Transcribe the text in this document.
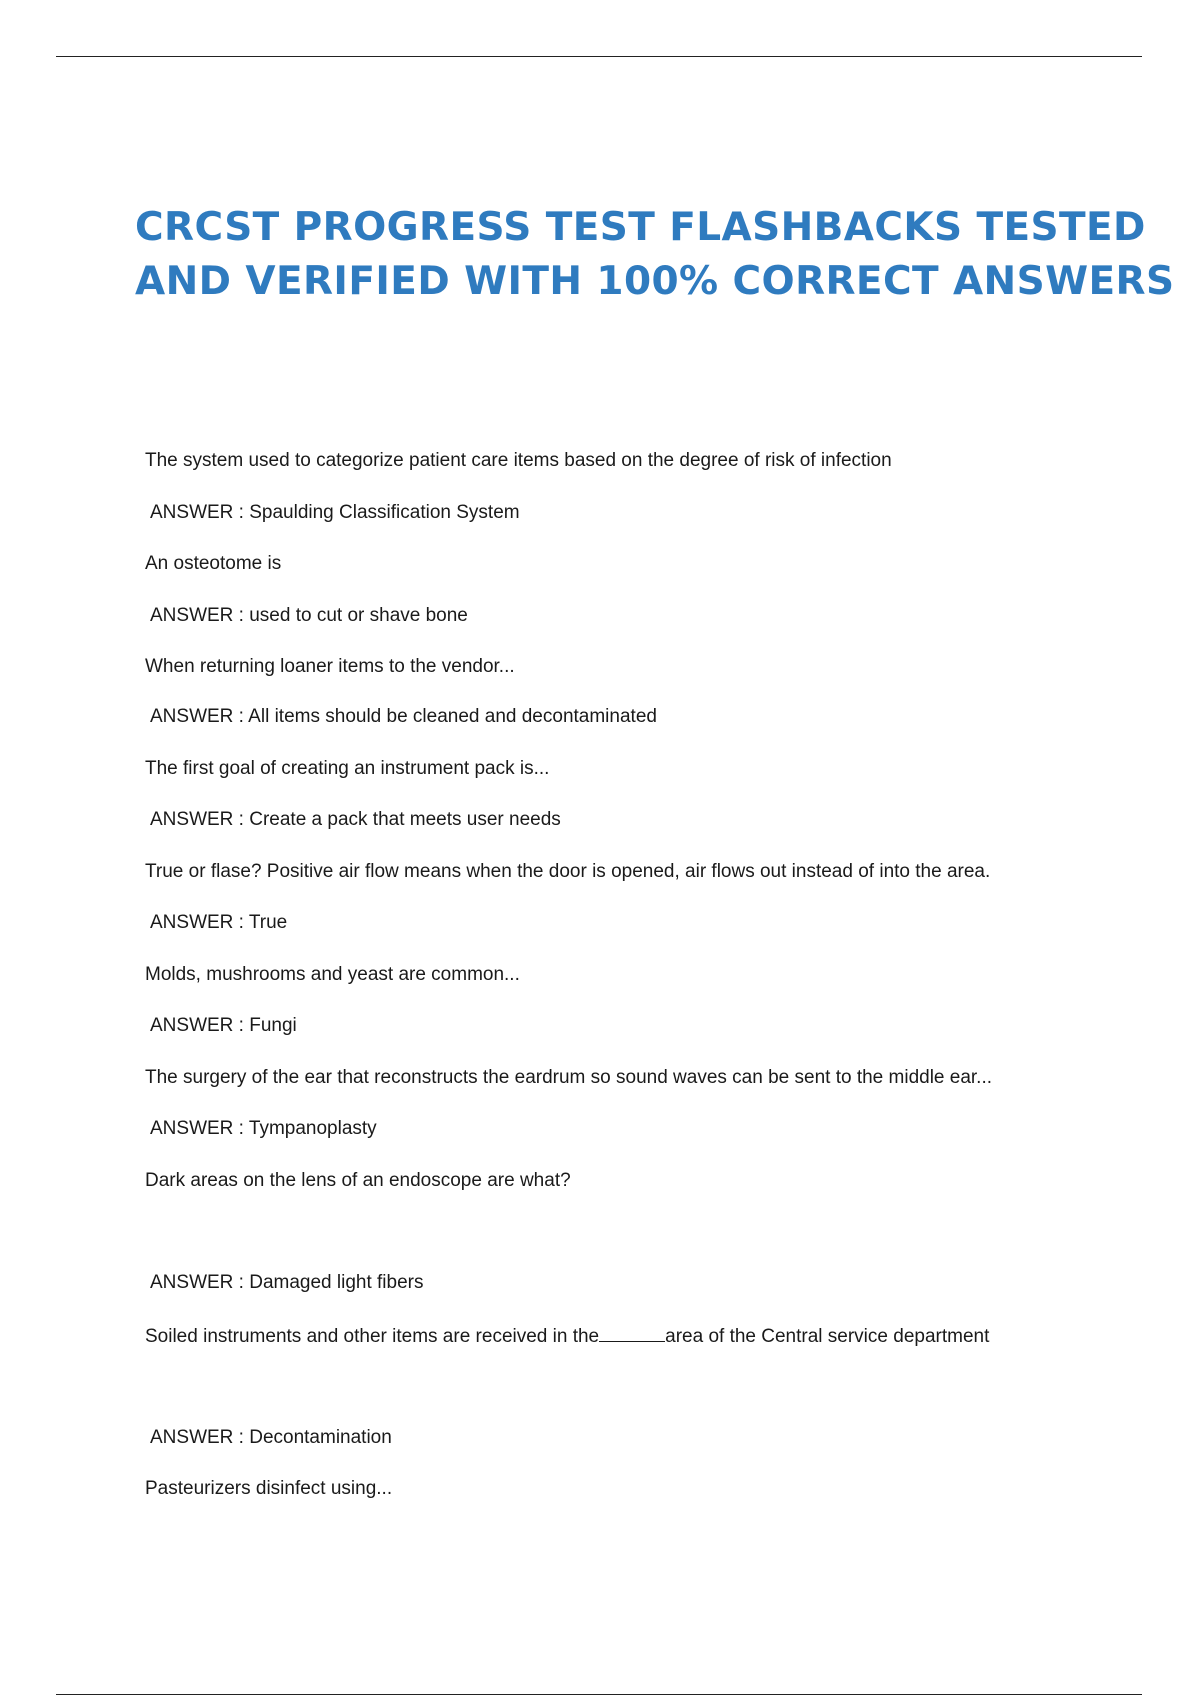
CRCST PROGRESS TEST FLASHBACKS TESTED AND VERIFIED WITH 100% CORRECT ANSWERS

The system used to categorize patient care items based on the degree of risk of infection

ANSWER : Spaulding Classification System

An osteotome is

ANSWER : used to cut or shave bone

When returning loaner items to the vendor...

ANSWER : All items should be cleaned and decontaminated

The first goal of creating an instrument pack is...

ANSWER : Create a pack that meets user needs

True or flase? Positive air flow means when the door is opened, air flows out instead of into the area.

ANSWER : True

Molds, mushrooms and yeast are common...

ANSWER : Fungi

The surgery of the ear that reconstructs the eardrum so sound waves can be sent to the middle ear...

ANSWER : Tympanoplasty

Dark areas on the lens of an endoscope are what?

ANSWER : Damaged light fibers

Soiled instruments and other items are received in the	area of the Central service department

ANSWER : Decontamination

Pasteurizers disinfect using...
